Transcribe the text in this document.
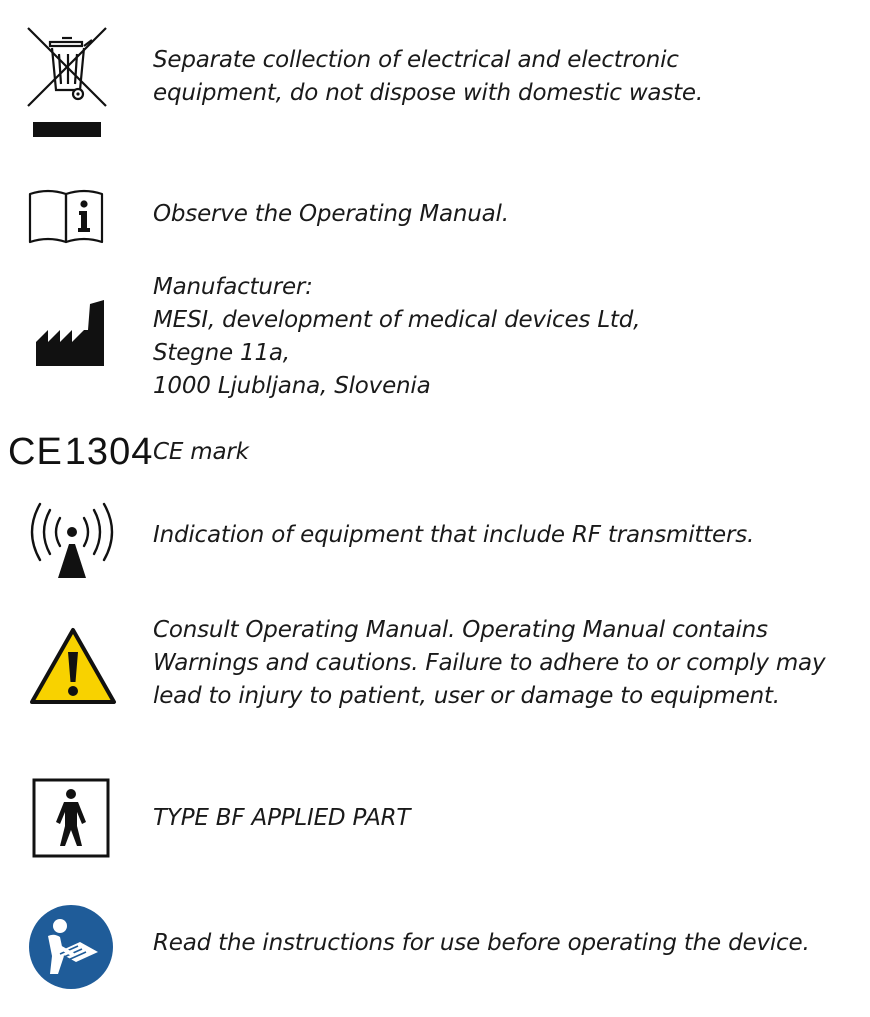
Separate collection of electrical and electronic
equipment, do not dispose with domestic waste.
Observe the Operating Manual.
Manufacturer:
MESI, development of medical devices Ltd,
Stegne 11a,
1000 Ljubljana, Slovenia
CE1304 CE mark
Indication of equipment that include RF transmitters.
Consult Operating Manual. Operating Manual contains
Warnings and cautions. Failure to adhere to or comply may
lead to injury to patient, user or damage to equipment.
TYPE BF APPLIED PART
Read the instructions for use before operating the device.
